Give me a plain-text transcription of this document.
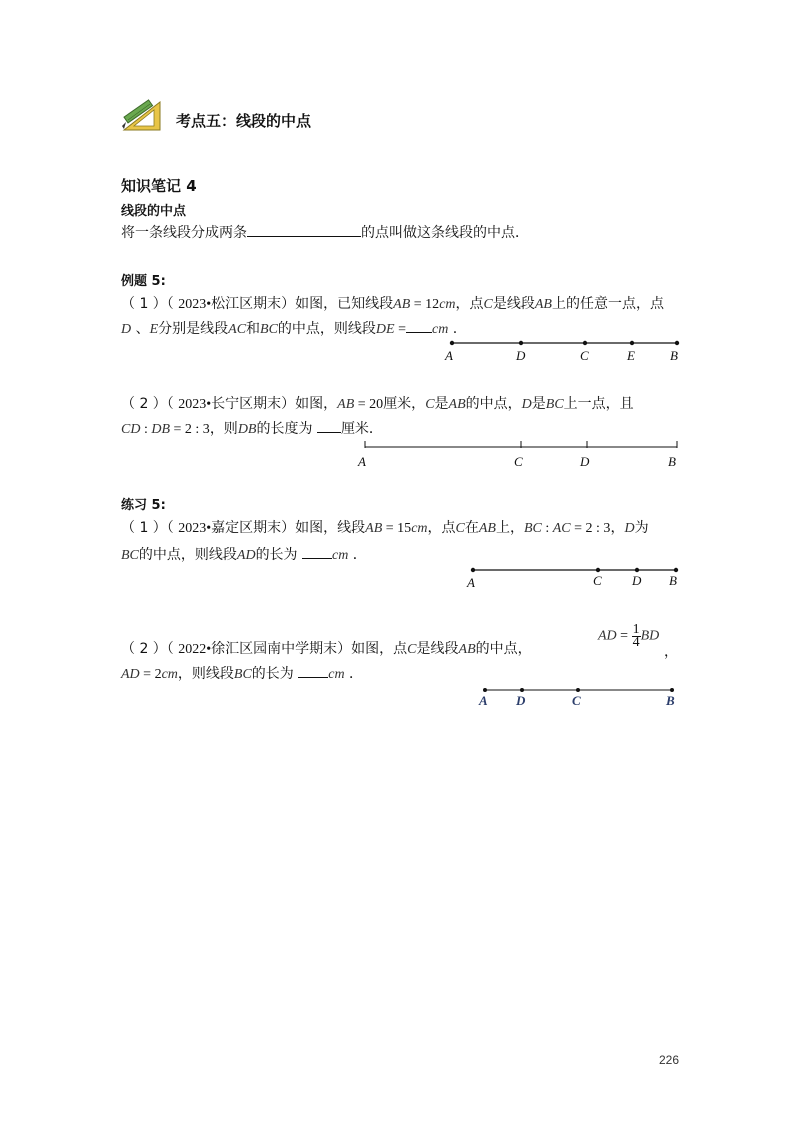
考点五：线段的中点
知识笔记 4
线段的中点
将一条线段分成两条	的点叫做这条线段的中点．
例题 5:
（ 1 ）（ 2023•松江区期末）如图，已知线段AB = 12cm，点C是线段AB上的任意一点，点
D 、E分别是线段AC和BC的中点，则线段DE = cm .
A	D	C	E	B
（ 2 ）（ 2023•长宁区期末）如图，AB = 20厘米，C是AB的中点，D是BC上一点，且
CD : DB = 2 : 3，则DB的长度为 厘米．
A	C	D	B
练习 5:
（ 1 ）（ 2023•嘉定区期末）如图，线段AB = 15cm，点C在AB上，BC : AC = 2 : 3，D为
BC的中点，则线段AD的长为 cm ．
A	C D B
（ 2 ）（ 2022•徐汇区园南中学期末）如图，点C是线段AB的中点，
AD = $\frac{1}{4}$ BD
，
AD = 2cm，则线段BC的长为 cm ．
A D	C	B
226
